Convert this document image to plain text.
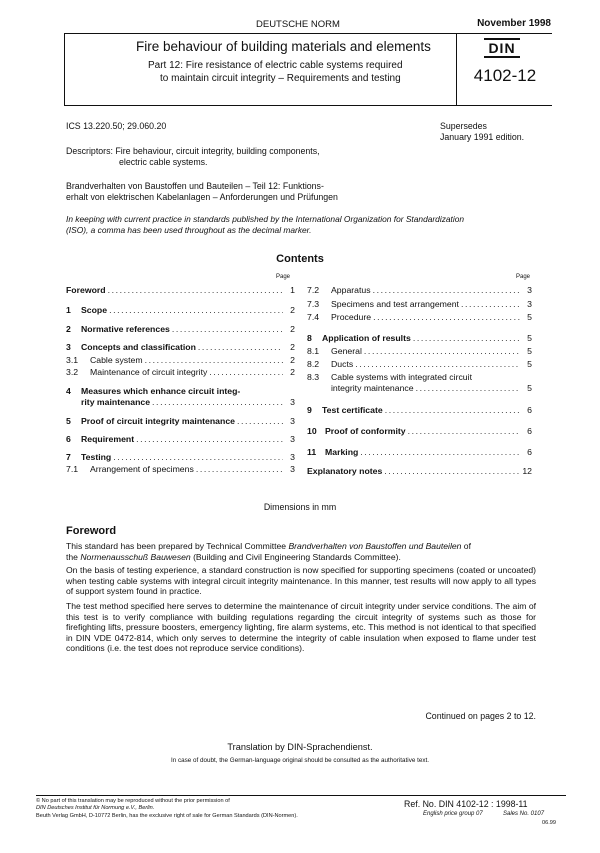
DEUTSCHE NORM	November 1998
Fire behaviour of building materials and elements
Part 12: Fire resistance of electric cable systems required
to maintain circuit integrity – Requirements and testing
DIN
4102-12
ICS 13.220.50; 29.060.20	Supersedes
January 1991 edition.
Descriptors: Fire behaviour, circuit integrity, building components,
electric cable systems.
Brandverhalten von Baustoffen und Bauteilen – Teil 12: Funktions-
erhalt von elektrischen Kabelanlagen – Anforderungen und Prüfungen
In keeping with current practice in standards published by the International Organization for Standardization
(ISO), a comma has been used throughout as the decimal marker.
Contents
Page	Page
Foreword .....	1
1	Scope .....	2
2	Normative references .....	2
3	Concepts and classification .....	2
3.1	Cable system .....	2
3.2	Maintenance of circuit integrity .....	2
4 Measures which enhance circuit integ-
rity maintenance .....	3
5	Proof of circuit integrity maintenance .....	3
6	Requirement .....	3
7	Testing .....	3
7.1	Arrangement of specimens .....	3
7.2	Apparatus .....	3
7.3	Specimens and test arrangement .....	3
7.4	Procedure .....	5
8	Application of results .....	5
8.1	General .....	5
8.2	Ducts .....	5
8.3 Cable systems with integrated circuit
integrity maintenance .....	5
9	Test certificate .....	6
10 Proof of conformity .....	6
11	Marking .....	6
Explanatory notes .....	12
Dimensions in mm
Foreword
This standard has been prepared by Technical Committee Brandverhalten von Baustoffen und Bauteilen of
the Normenausschuß Bauwesen (Building and Civil Engineering Standards Committee).
On the basis of testing experience, a standard construction is now specified for supporting specimens (coated or uncoated) when testing cable systems with integral circuit integrity maintenance. In this manner, test results will now apply to all types of support system found in practice.
The test method specified here serves to determine the maintenance of circuit integrity under service conditions. The aim of this test is to verify compliance with building regulations regarding the circuit integrity of systems such as those for firefighting lifts, pressure boosters, emergency lighting, fire alarm systems, etc. This method is not identical to that specified in DIN VDE 0472-814, which only serves to determine the integrity of cable insulation when exposed to flame under test conditions (i.e. the test does not reproduce service conditions).
Continued on pages 2 to 12.
Translation by DIN-Sprachendienst.
In case of doubt, the German-language original should be consulted as the authoritative text.
© No part of this translation may be reproduced without the prior permission of
DIN Deutsches Institut für Normung e.V., Berlin.
Beuth Verlag GmbH, D-10772 Berlin, has the exclusive right of sale for German Standards (DIN-Normen).
Ref. No. DIN 4102-12 : 1998-11
English price group 07	Sales No. 0107
06.99
